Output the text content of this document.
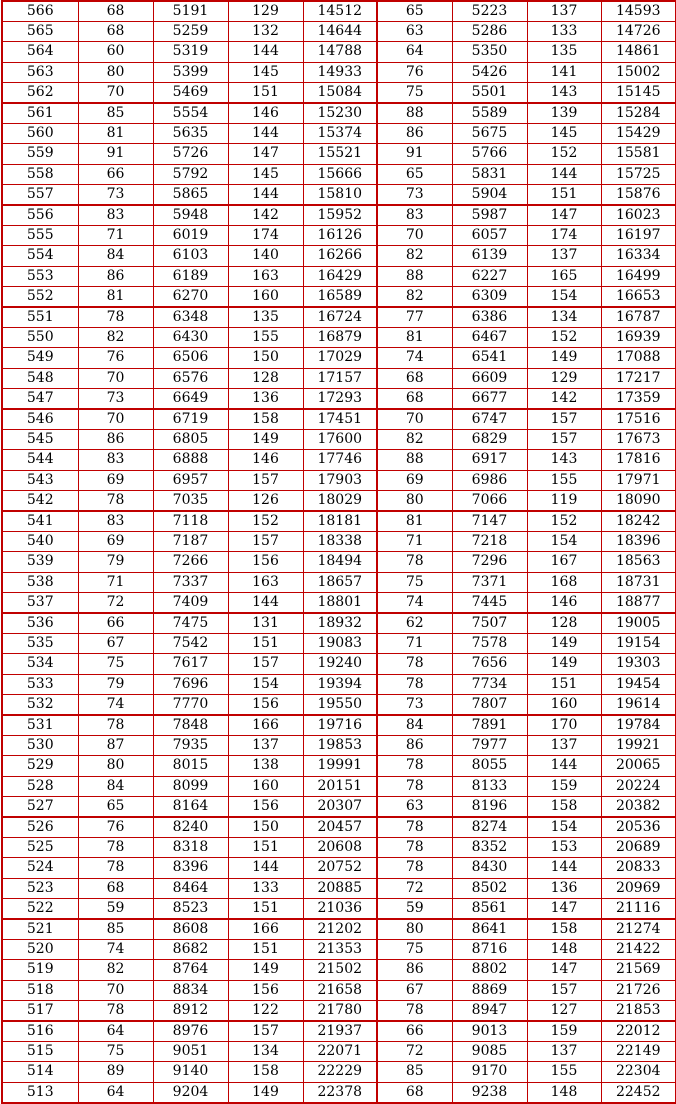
566	68	5191	129	14512	65	5223	137	14593
565	68	5259	132	14644	63	5286	133	14726
564	60	5319	144	14788	64	5350	135	14861
563	80	5399	145	14933	76	5426	141	15002
562	70	5469	151	15084	75	5501	143	15145
561	85	5554	146	15230	88	5589	139	15284
560	81	5635	144	15374	86	5675	145	15429
559	91	5726	147	15521	91	5766	152	15581
558	66	5792	145	15666	65	5831	144	15725
557	73	5865	144	15810	73	5904	151	15876
556	83	5948	142	15952	83	5987	147	16023
555	71	6019	174	16126	70	6057	174	16197
554	84	6103	140	16266	82	6139	137	16334
553	86	6189	163	16429	88	6227	165	16499
552	81	6270	160	16589	82	6309	154	16653
551	78	6348	135	16724	77	6386	134	16787
550	82	6430	155	16879	81	6467	152	16939
549	76	6506	150	17029	74	6541	149	17088
548	70	6576	128	17157	68	6609	129	17217
547	73	6649	136	17293	68	6677	142	17359
546	70	6719	158	17451	70	6747	157	17516
545	86	6805	149	17600	82	6829	157	17673
544	83	6888	146	17746	88	6917	143	17816
543	69	6957	157	17903	69	6986	155	17971
542	78	7035	126	18029	80	7066	119	18090
541	83	7118	152	18181	81	7147	152	18242
540	69	7187	157	18338	71	7218	154	18396
539	79	7266	156	18494	78	7296	167	18563
538	71	7337	163	18657	75	7371	168	18731
537	72	7409	144	18801	74	7445	146	18877
536	66	7475	131	18932	62	7507	128	19005
535	67	7542	151	19083	71	7578	149	19154
534	75	7617	157	19240	78	7656	149	19303
533	79	7696	154	19394	78	7734	151	19454
532	74	7770	156	19550	73	7807	160	19614
531	78	7848	166	19716	84	7891	170	19784
530	87	7935	137	19853	86	7977	137	19921
529	80	8015	138	19991	78	8055	144	20065
528	84	8099	160	20151	78	8133	159	20224
527	65	8164	156	20307	63	8196	158	20382
526	76	8240	150	20457	78	8274	154	20536
525	78	8318	151	20608	78	8352	153	20689
524	78	8396	144	20752	78	8430	144	20833
523	68	8464	133	20885	72	8502	136	20969
522	59	8523	151	21036	59	8561	147	21116
521	85	8608	166	21202	80	8641	158	21274
520	74	8682	151	21353	75	8716	148	21422
519	82	8764	149	21502	86	8802	147	21569
518	70	8834	156	21658	67	8869	157	21726
517	78	8912	122	21780	78	8947	127	21853
516	64	8976	157	21937	66	9013	159	22012
515	75	9051	134	22071	72	9085	137	22149
514	89	9140	158	22229	85	9170	155	22304
513	64	9204	149	22378	68	9238	148	22452
